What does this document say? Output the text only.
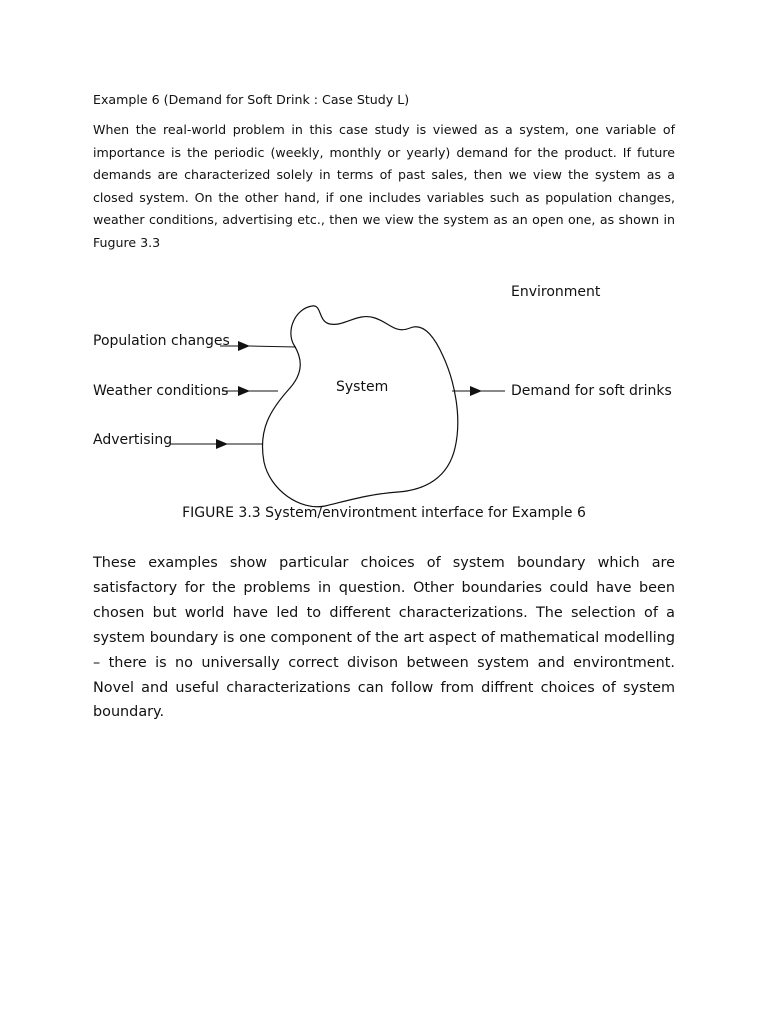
Example 6 (Demand for Soft Drink : Case Study L)
When the real-world problem in this case study is viewed as a system, one variable of importance is the periodic (weekly, monthly or yearly) demand for the product. If future demands are characterized solely in terms of past sales, then we view the system as a closed system. On the other hand, if one includes variables such as population changes, weather conditions, advertising etc., then we view the system as an open one, as shown in Fugure 3.3
Environment
System
Population changes
Weather conditions
Advertising
Demand for soft drinks
FIGURE 3.3 System/environtment interface for Example 6
These examples show particular choices of system boundary which are satisfactory for the problems in question. Other boundaries could have been chosen but world have led to different characterizations. The selection of a system boundary is one component of the art aspect of mathematical modelling – there is no universally correct divison between system and environtment. Novel and useful characterizations can follow from diffrent choices of system boundary.
